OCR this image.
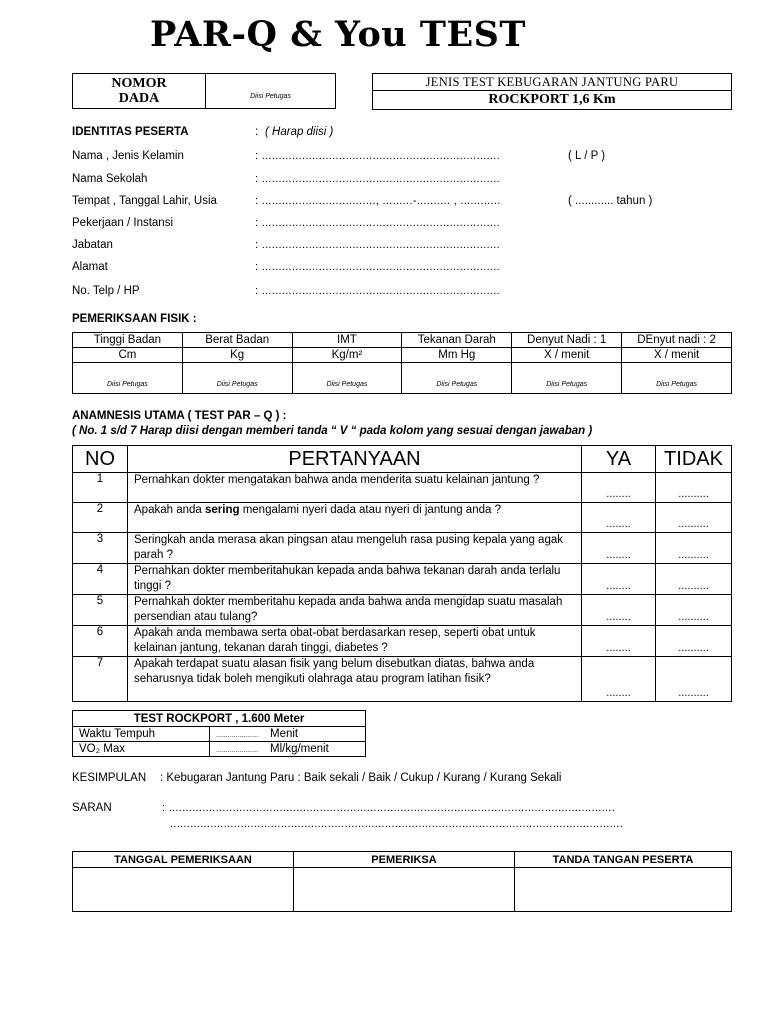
PAR-Q & You TEST
NOMOR
DADA	Diisi Petugas
JENIS TEST KEBUGARAN JANTUNG PARU
ROCKPORT 1,6 Km
IDENTITAS PESERTA	: ( Harap diisi )
Nama , Jenis Kelamin	: .......................................................................	( L / P )
Nama Sekolah	: .......................................................................
Tempat , Tanggal Lahir, Usia	: .................................., .........-.......... , ............	( ............ tahun )
Pekerjaan / Instansi	: .......................................................................
Jabatan	: .......................................................................
Alamat	: .......................................................................
No. Telp / HP	: .......................................................................
PEMERIKSAAN FISIK :
Tinggi Badan	Berat Badan	IMT	Tekanan Darah	Denyut Nadi : 1	DEnyut nadi : 2
Cm	Kg	Kg/m²	Mm Hg	X / menit	X / menit
Diisi Petugas	Diisi Petugas	Diisi Petugas	Diisi Petugas	Diisi Petugas	Diisi Petugas
ANAMNESIS UTAMA ( TEST PAR – Q ) :
( No. 1 s/d 7 Harap diisi dengan memberi tanda “ V “ pada kolom yang sesuai dengan jawaban )
NO	PERTANYAAN	YA	TIDAK
1	Pernahkan dokter mengatakan bahwa anda menderita suatu kelainan jantung ?	........	..........
2	Apakah anda sering mengalami nyeri dada atau nyeri di jantung anda ?	........	..........
3	Seringkah anda merasa akan pingsan atau mengeluh rasa pusing kepala yang agak parah ?	........	..........
4	Pernahkan dokter memberitahukan kepada anda bahwa tekanan darah anda terlalu tinggi ?	........	..........
5	Pernahkah dokter memberitahu kepada anda bahwa anda mengidap suatu masalah persendian atau tulang?	........	..........
6	Apakah anda membawa serta obat-obat berdasarkan resep, seperti obat untuk kelainan jantung, tekanan darah tinggi, diabetes ?	........	..........
7	Apakah terdapat suatu alasan fisik yang belum disebutkan diatas, bahwa anda seharusnya tidak boleh mengikuti olahraga atau program latihan fisik?	........	..........
TEST ROCKPORT , 1.600 Meter	
Waktu Tempuh	...................... Menit
VO₂ Max	...................... Ml/kg/menit
KESIMPULAN : Kebugaran Jantung Paru : Baik sekali / Baik / Cukup / Kurang / Kurang Sekali
SARAN	: .....................................................................................................................................
.......................................................................................................................................
TANGGAL PEMERIKSAAN	PEMERIKSA	TANDA TANGAN PESERTA
